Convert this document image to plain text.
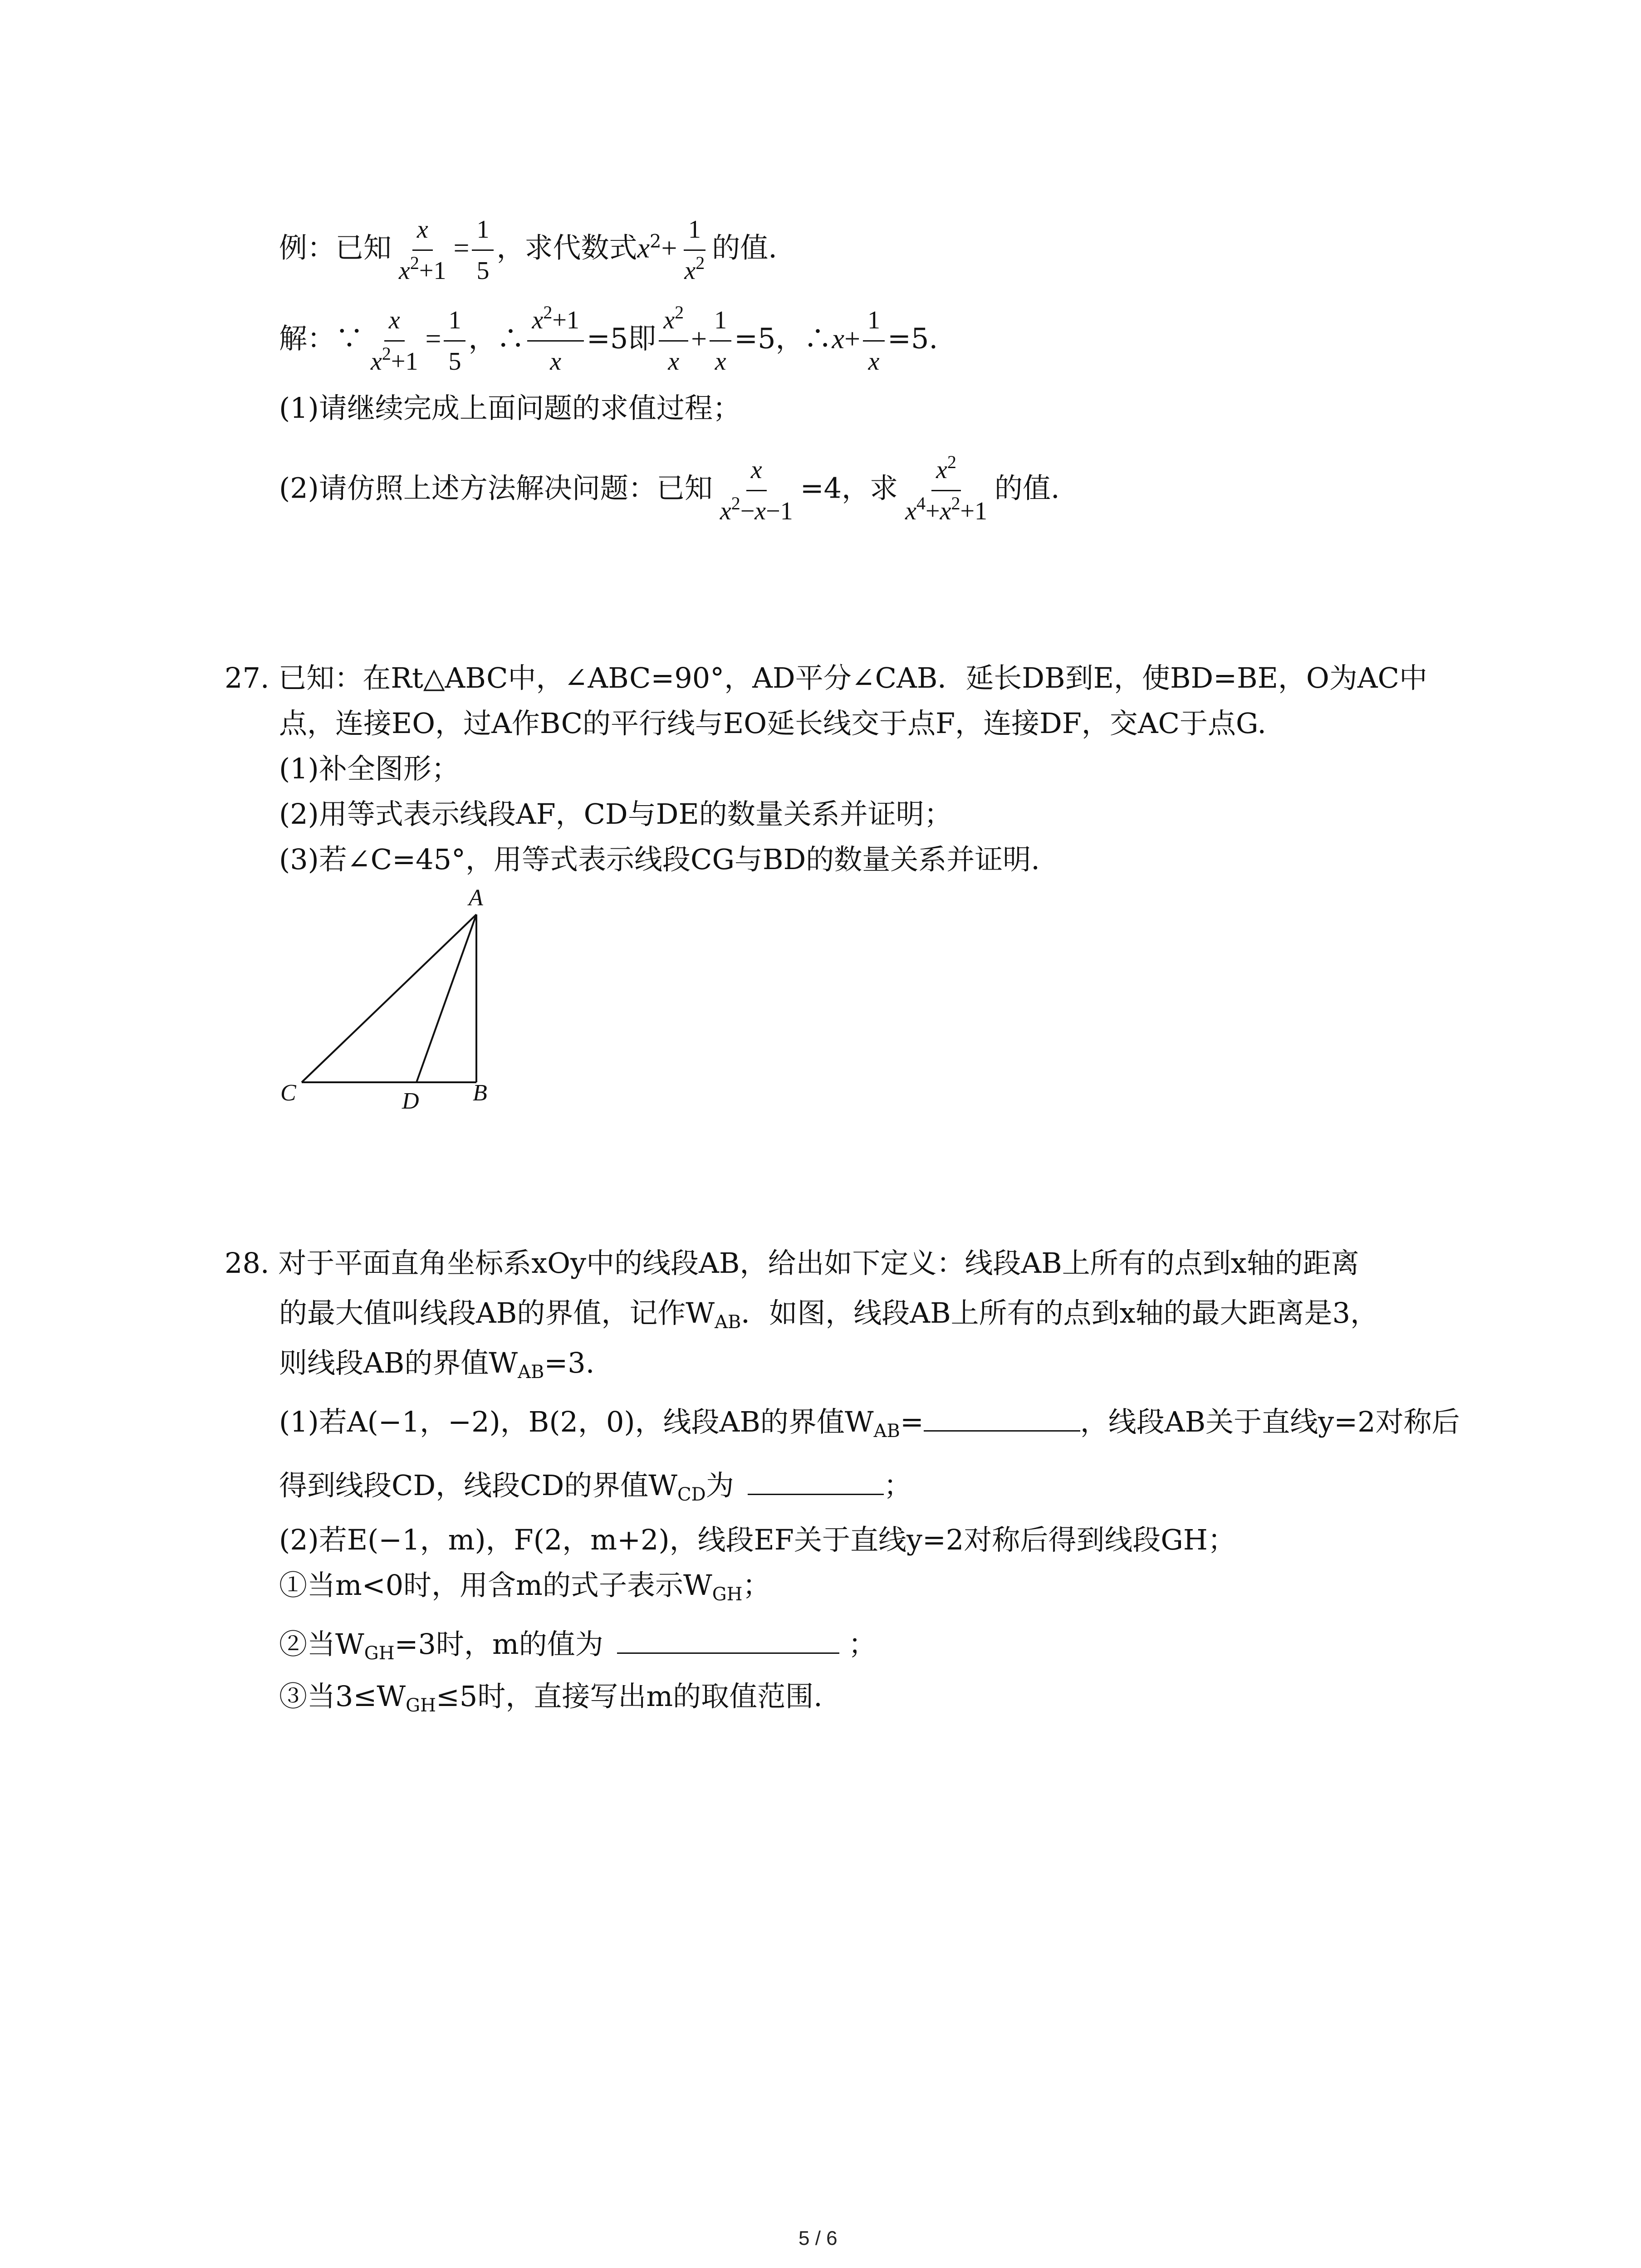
例：已知 $\frac{x}{x^2+1} = \frac{1}{5}$ ，求代数式$x^2+ \frac{1}{x^2}$ 的值.
解：∵ $\frac{x}{x^2+1} = \frac{1}{5}$ ，∴ $\frac{x^2+1}{x} =5$即 $\frac{x^2}{x} + \frac{1}{x} =5$，∴x+ $\frac{1}{x} =5$.
(1)请继续完成上面问题的求值过程；
(2)请仿照上述方法解决问题：已知 $\frac{x}{x^2-x-1} =4$，求 $\frac{x^2}{x^4+x^2+1}$ 的值.
27. 已知：在Rt△ABC中，∠ABC=90°，AD平分∠CAB．延长DB到E，使BD=BE，O为AC中
点，连接EO，过A作BC的平行线与EO延长线交于点F，连接DF，交AC于点G.
(1)补全图形；
(2)用等式表示线段AF，CD与DE的数量关系并证明；
(3)若∠C=45°，用等式表示线段CG与BD的数量关系并证明.
A
C	D B
28. 对于平面直角坐标系xOy中的线段AB，给出如下定义：线段AB上所有的点到x轴的距离
的最大值叫线段AB的界值，记作$W_{AB}$．如图，线段AB上所有的点到x轴的最大距离是3，
则线段AB的界值$W_{AB}=3$.
(1)若A(−1，−2)，B(2，0)，线段AB的界值$W_{AB}=$	，线段AB关于直线y=2对称后
得到线段CD，线段CD的界值$W_{CD}$为	；
(2)若E(−1，m)，F(2，m+2)，线段EF关于直线y=2对称后得到线段GH；
①当m<0时，用含m的式子表示$W_{GH}$；
②当$W_{GH}=3$时，m的值为	；
③当$3\le W_{GH}\le 5$时，直接写出m的取值范围.
5 / 6
